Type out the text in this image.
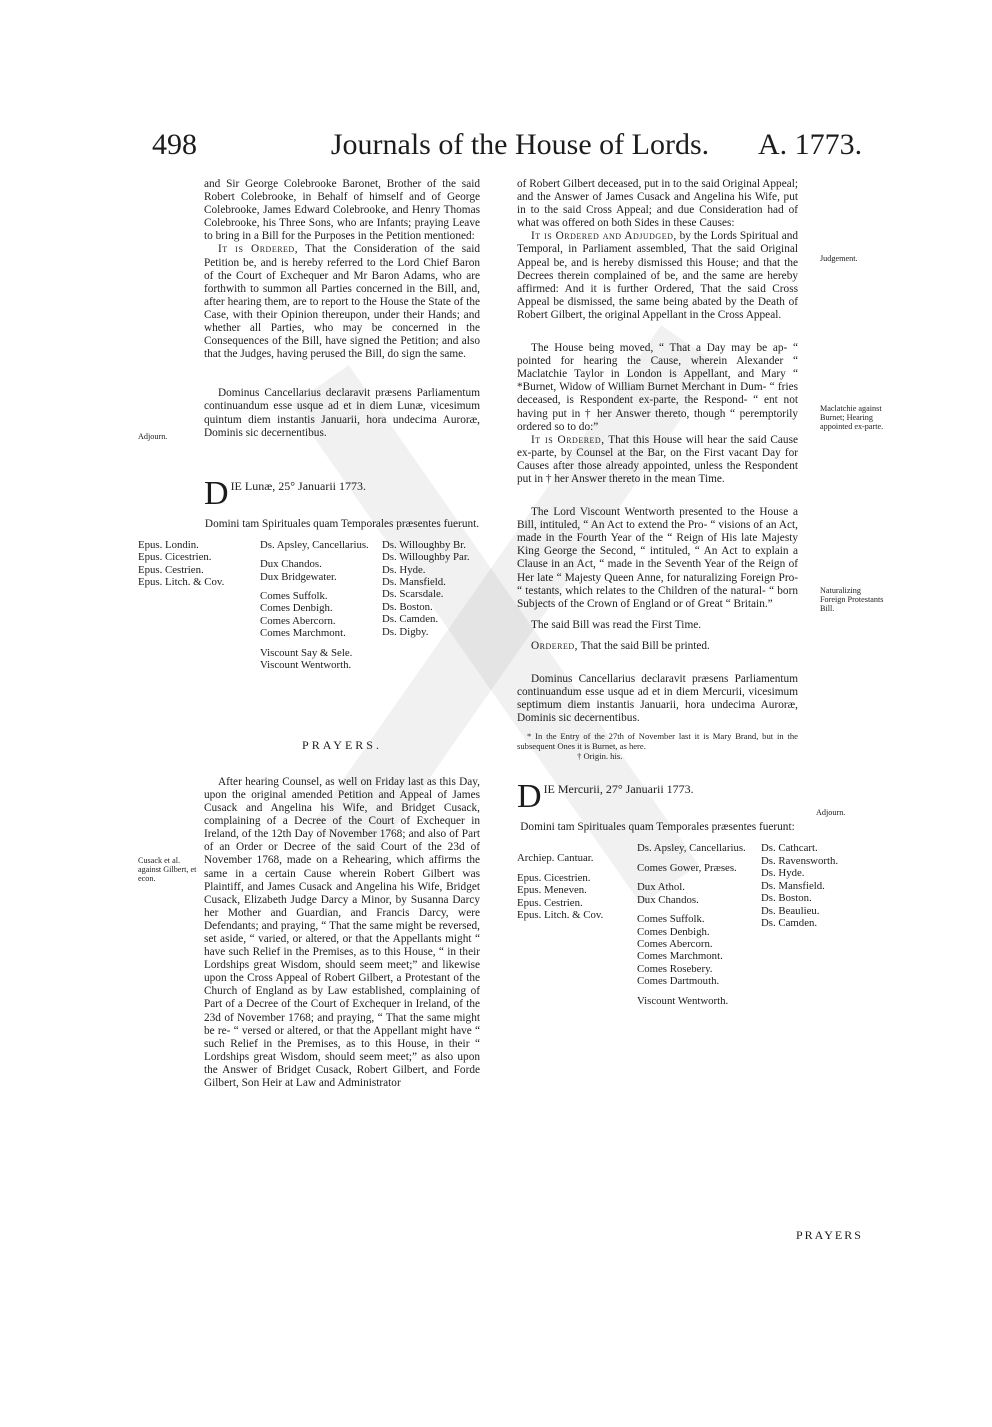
498	Journals of the House of Lords. A. 1773.
Adjourn.
Cusack et al. against Gilbert, et econ.
Judgement.
Maclatchie against Burnet; Hearing appointed ex-parte.
Naturalizing Foreign Protestants Bill.
Adjourn.

and Sir George Colebrooke Baronet, Brother of the said Robert Colebrooke, in Behalf of himself and of George Colebrooke, James Edward Colebrooke, and Henry Thomas Colebrooke, his Three Sons, who are Infants; praying Leave to bring in a Bill for the Purposes in the Petition mentioned:

It is Ordered, That the Consideration of the said Petition be, and is hereby referred to the Lord Chief Baron of the Court of Exchequer and Mr Baron Adams, who are forthwith to summon all Parties concerned in the Bill, and, after hearing them, are to report to the House the State of the Case, with their Opinion thereupon, under their Hands; and whether all Parties, who may be concerned in the Consequences of the Bill, have signed the Petition; and also that the Judges, having perused the Bill, do sign the same.

Dominus Cancellarius declaravit præsens Parliamentum continuandum esse usque ad et in diem Lunæ, vicesimum quintum diem instantis Januarii, hora undecima Auroræ, Dominis sic decernentibus.

DIE Lunæ, 25° Januarii 1773.

Domini tam Spirituales quam Temporales præsentes fuerunt.

Epus. Londin.
Epus. Cicestrien.
Epus. Cestrien.
Epus. Litch. & Cov.
Ds. Apsley, Cancellarius.
Dux Chandos.
Dux Bridgewater.
Comes Suffolk.
Comes Denbigh.
Comes Abercorn.
Comes Marchmont.
Viscount Say & Sele.
Viscount Wentworth.
Ds. Willoughby Br.
Ds. Willoughby Par.
Ds. Hyde.
Ds. Mansfield.
Ds. Scarsdale.
Ds. Boston.
Ds. Camden.
Ds. Digby.

PRAYERS.

After hearing Counsel, as well on Friday last as this Day, upon the original amended Petition and Appeal of James Cusack and Angelina his Wife, and Bridget Cusack, complaining of a Decree of the Court of Exchequer in Ireland, of the 12th Day of November 1768; and also of Part of an Order or Decree of the said Court of the 23d of November 1768, made on a Rehearing, which affirms the same in a certain Cause wherein Robert Gilbert was Plaintiff, and James Cusack and Angelina his Wife, Bridget Cusack, Elizabeth Judge Darcy a Minor, by Susanna Darcy her Mother and Guardian, and Francis Darcy, were Defendants; and praying, “ That the same might be reversed, set aside, “ varied, or altered, or that the Appellants might “ have such Relief in the Premises, as to this House, “ in their Lordships great Wisdom, should seem meet;” and likewise upon the Cross Appeal of Robert Gilbert, a Protestant of the Church of England as by Law established, complaining of Part of a Decree of the Court of Exchequer in Ireland, of the 23d of November 1768; and praying, “ That the same might be re- “ versed or altered, or that the Appellant might have “ such Relief in the Premises, as to this House, in their “ Lordships great Wisdom, should seem meet;” as also upon the Answer of Bridget Cusack, Robert Gilbert, and Forde Gilbert, Son Heir at Law and Administrator

of Robert Gilbert deceased, put in to the said Original Appeal; and the Answer of James Cusack and Angelina his Wife, put in to the said Cross Appeal; and due Consideration had of what was offered on both Sides in these Causes:

It is Ordered and Adjudged, by the Lords Spiritual and Temporal, in Parliament assembled, That the said Original Appeal be, and is hereby dismissed this House; and that the Decrees therein complained of be, and the same are hereby affirmed: And it is further Ordered, That the said Cross Appeal be dismissed, the same being abated by the Death of Robert Gilbert, the original Appellant in the Cross Appeal.

The House being moved, “ That a Day may be ap- “ pointed for hearing the Cause, wherein Alexander “ Maclatchie Taylor in London is Appellant, and Mary “ *Burnet, Widow of William Burnet Merchant in Dum- “ fries deceased, is Respondent ex-parte, the Respond- “ ent not having put in † her Answer thereto, though “ peremptorily ordered so to do:”

It is Ordered, That this House will hear the said Cause ex-parte, by Counsel at the Bar, on the First vacant Day for Causes after those already appointed, unless the Respondent put in † her Answer thereto in the mean Time.

The Lord Viscount Wentworth presented to the House a Bill, intituled, “ An Act to extend the Pro- “ visions of an Act, made in the Fourth Year of the “ Reign of His late Majesty King George the Second, “ intituled, “ An Act to explain a Clause in an Act, “ made in the Seventh Year of the Reign of Her late “ Majesty Queen Anne, for naturalizing Foreign Pro- “ testants, which relates to the Children of the natural- “ born Subjects of the Crown of England or of Great “ Britain.”

The said Bill was read the First Time.

Ordered, That the said Bill be printed.

Dominus Cancellarius declaravit præsens Parliamentum continuandum esse usque ad et in diem Mercurii, vicesimum septimum diem instantis Januarii, hora undecima Auroræ, Dominis sic decernentibus.

* In the Entry of the 27th of November last it is Mary Brand, but in the subsequent Ones it is Burnet, as here.

† Origin. his.

DIE Mercurii, 27° Januarii 1773.

Domini tam Spirituales quam Temporales præsentes fuerunt:

Archiep. Cantuar.
Epus. Cicestrien.
Epus. Meneven.
Epus. Cestrien.
Epus. Litch. & Cov.
Ds. Apsley, Cancellarius.
Comes Gower, Præses.
Dux Athol.
Dux Chandos.
Comes Suffolk.
Comes Denbigh.
Comes Abercorn.
Comes Marchmont.
Comes Rosebery.
Comes Dartmouth.
Viscount Wentworth.
Ds. Cathcart.
Ds. Ravensworth.
Ds. Hyde.
Ds. Mansfield.
Ds. Boston.
Ds. Beaulieu.
Ds. Camden.
PRAYERS
